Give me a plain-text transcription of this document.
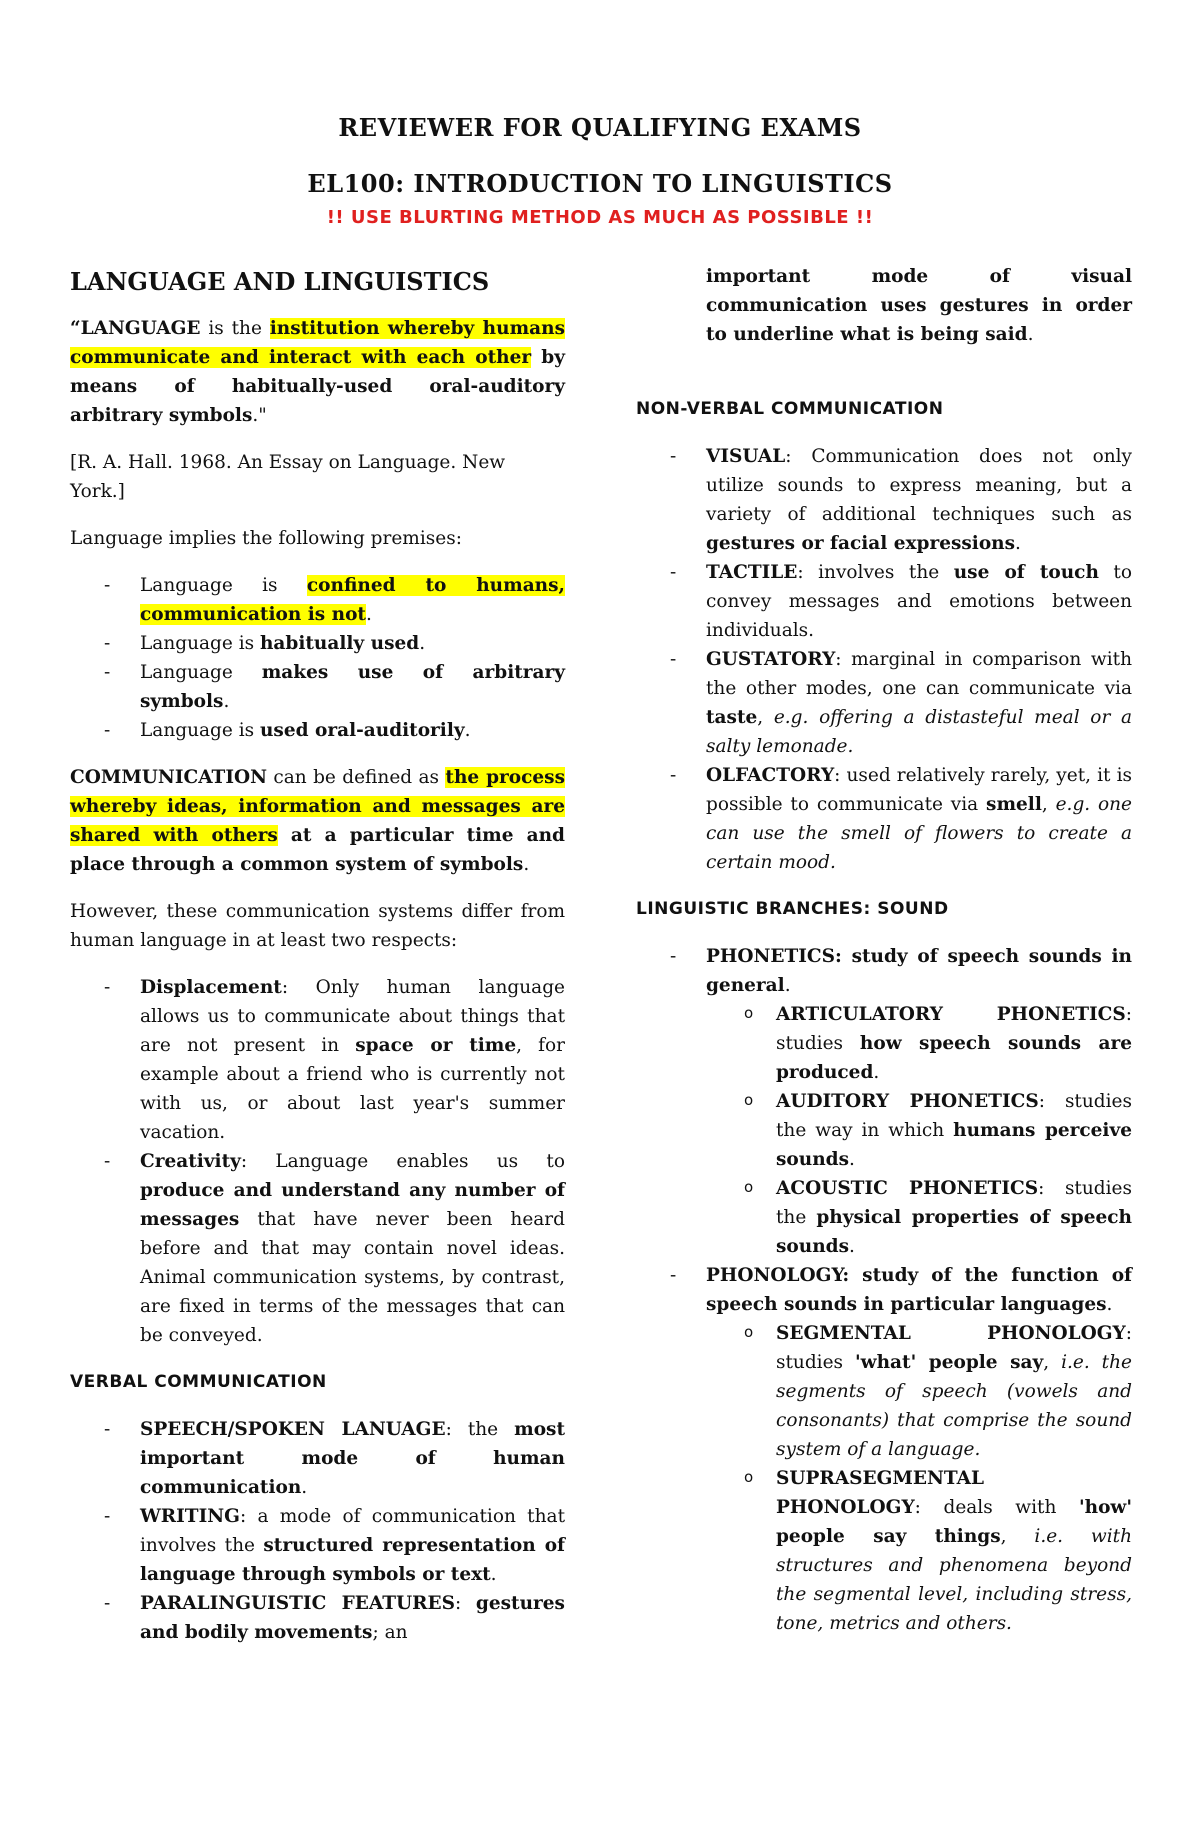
REVIEWER FOR QUALIFYING EXAMS
EL100: INTRODUCTION TO LINGUISTICS
!! USE BLURTING METHOD AS MUCH AS POSSIBLE !!
LANGUAGE AND LINGUISTICS

“LANGUAGE is the institution whereby humans communicate and interact with each other by means of habitually-used oral-auditory arbitrary symbols."

[R. A. Hall. 1968. An Essay on Language. New York.]

Language implies the following premises:

- Language is confined to humans, communication is not.
- Language is habitually used.
- Language makes use of arbitrary symbols.
- Language is used oral-auditorily.

COMMUNICATION can be defined as the process whereby ideas, information and messages are shared with others at a particular time and place through a common system of symbols.

However, these communication systems differ from human language in at least two respects:

- Displacement: Only human language allows us to communicate about things that are not present in space or time, for example about a friend who is currently not with us, or about last year's summer vacation.
- Creativity: Language enables us to produce and understand any number of messages that have never been heard before and that may contain novel ideas. Animal communication systems, by contrast, are fixed in terms of the messages that can be conveyed.
VERBAL COMMUNICATION
- SPEECH/SPOKEN LANUAGE: the most important mode of human communication.
- WRITING: a mode of communication that involves the structured representation of language through symbols or text.
- PARALINGUISTIC FEATURES: gestures and bodily movements; an
important mode of visual communication uses gestures in order to underline what is being said.
NON-VERBAL COMMUNICATION
- VISUAL: Communication does not only utilize sounds to express meaning, but a variety of additional techniques such as gestures or facial expressions.
- TACTILE: involves the use of touch to convey messages and emotions between individuals.
- GUSTATORY: marginal in comparison with the other modes, one can communicate via taste, e.g. offering a distasteful meal or a salty lemonade.
- OLFACTORY: used relatively rarely, yet, it is possible to communicate via smell, e.g. one can use the smell of flowers to create a certain mood.
LINGUISTIC BRANCHES: SOUND
- PHONETICS: study of speech sounds in general.
o ARTICULATORY PHONETICS: studies how speech sounds are produced.
o AUDITORY PHONETICS: studies the way in which humans perceive sounds.
o ACOUSTIC PHONETICS: studies the physical properties of speech sounds.
- PHONOLOGY: study of the function of speech sounds in particular languages.
o SEGMENTAL PHONOLOGY: studies 'what' people say, i.e. the segments of speech (vowels and consonants) that comprise the sound system of a language.
o SUPRASEGMENTAL PHONOLOGY: deals with 'how' people say things, i.e. with structures and phenomena beyond the segmental level, including stress, tone, metrics and others.
